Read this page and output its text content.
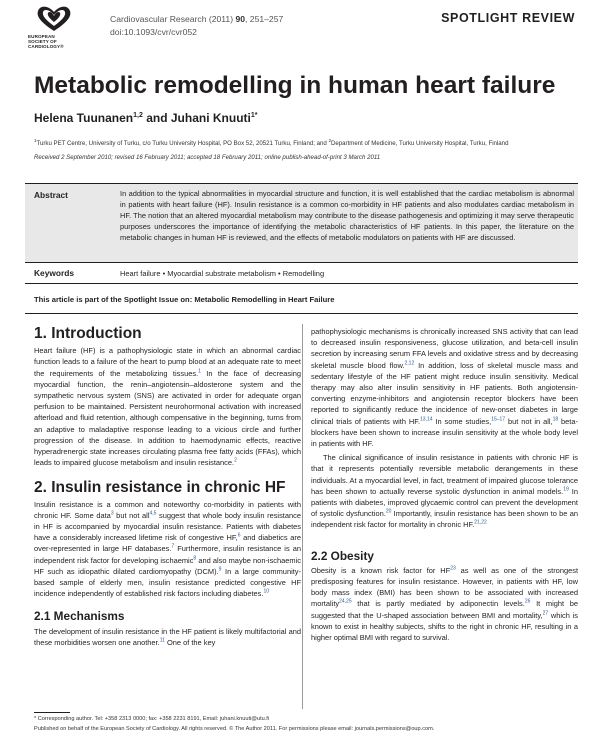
EUROPEAN
SOCIETY OF
CARDIOLOGY®
Cardiovascular Research (2011) 90, 251–257
doi:10.1093/cvr/cvr052
SPOTLIGHT REVIEW
Metabolic remodelling in human heart failure
Helena Tuunanen$^{1,2}$ and Juhani Knuuti$^{1*}$
$^1$Turku PET Centre, University of Turku, c/o Turku University Hospital, PO Box 52, 20521 Turku, Finland; and $^2$Department of Medicine, Turku University Hospital, Turku, Finland
Received 2 September 2010; revised 16 February 2011; accepted 18 February 2011; online publish-ahead-of-print 3 March 2011
Abstract	In addition to the typical abnormalities in myocardial structure and function, it is well established that the cardiac metabolism is abnormal in patients with heart failure (HF). Insulin resistance is a common co-morbidity in HF patients and also modulates cardiac metabolism in HF. The notion that an altered myocardial metabolism may contribute to the disease pathogenesis and optimizing it may serve therapeutic purposes underscores the importance of identifying the metabolic characteristics of HF patients. In this paper, the literature on the metabolic changes in human HF is reviewed, and the effects of metabolic modulators on patients with HF are discussed.
Keywords	Heart failure • Myocardial substrate metabolism • Remodelling
This article is part of the Spotlight Issue on: Metabolic Remodelling in Heart Failure
1. Introduction
Heart failure (HF) is a pathophysiologic state in which an abnormal cardiac function leads to a failure of the heart to pump blood at an adequate rate to meet the requirements of the metabolizing tissues.$^1$ In the face of decreasing myocardial function, the renin–angiotensin–aldosterone system and the sympathetic nervous system (SNS) are activated in order for adequate organ perfusion to be maintained. Persistent neurohormonal activation with increased afterload and fluid retention, although compensative in the beginning, turns from an adaptive to maladaptive response leading to a vicious circle and further progression of the disease. In addition to haemodynamic effects, reactive hyperadrenergic state increases circulating plasma free fatty acids (FFAs), which leads to impaired glucose metabolism and insulin resistance.$^2$
2. Insulin resistance in chronic HF
Insulin resistance is a common and noteworthy co-morbidity in patients with chronic HF. Some data$^3$ but not all$^{4,5}$ suggest that whole body insulin resistance in HF is accompanied by myocardial insulin resistance. Patients with diabetes have a considerably increased lifetime risk of congestive HF,$^6$ and diabetics are over-represented in large HF databases.$^7$ Furthermore, insulin resistance is an independent risk factor for developing ischaemic$^8$ and also maybe non-ischaemic HF such as idiopathic dilated cardiomyopathy (DCM).$^9$ In a large community-based sample of elderly men, insulin resistance predicted congestive HF incidence independently of established risk factors including diabetes.$^{10}$
2.1 Mechanisms
The development of insulin resistance in the HF patient is likely multifactorial and these morbidities worsen one another.$^{11}$ One of the key
pathophysiologic mechanisms is chronically increased SNS activity that can lead to decreased insulin responsiveness, glucose utilization, and beta-cell insulin secretion by increasing serum FFA levels and oxidative stress and by decreasing skeletal muscle blood flow.$^{2,12}$ In addition, loss of skeletal muscle mass and sedentary lifestyle of the HF patient might reduce insulin sensitivity. Medical therapy may also alter insulin sensitivity in HF patients. Both angiotensin-converting enzyme-inhibitors and angiotensin receptor blockers have been reported to significantly reduce the incidence of new-onset diabetes in large clinical trials of patients with HF.$^{13,14}$ In some studies,$^{15-17}$ but not in all,$^{18}$ beta-blockers have been shown to increase insulin sensitivity at the whole body level in patients with HF.
The clinical significance of insulin resistance in patients with chronic HF is that it represents potentially reversible metabolic derangements in these individuals. At a myocardial level, in fact, treatment of impaired glucose tolerance has been shown to actually reverse systolic dysfunction in animal models.$^{19}$ In patients with diabetes, improved glycaemic control can prevent the development of systolic dysfunction.$^{20}$ Importantly, insulin resistance has been shown to be an independent risk factor for mortality in chronic HF.$^{21,22}$
2.2 Obesity
Obesity is a known risk factor for HF$^{23}$ as well as one of the strongest predisposing features for insulin resistance. However, in patients with HF, low body mass index (BMI) has been shown to be associated with increased mortality$^{24,25}$ that is partly mediated by adiponectin levels.$^{26}$ It might be suggested that the U-shaped association between BMI and mortality,$^{27}$ which is known to exist in healthy subjects, shifts to the right in chronic HF, resulting in a higher optimal BMI with regard to survival.
* Corresponding author. Tel: +358 2313 0000; fax: +358 2231 8191, Email: juhani.knuuti@utu.fi
Published on behalf of the European Society of Cardiology. All rights reserved. © The Author 2011. For permissions please email: journals.permissions@oup.com.
